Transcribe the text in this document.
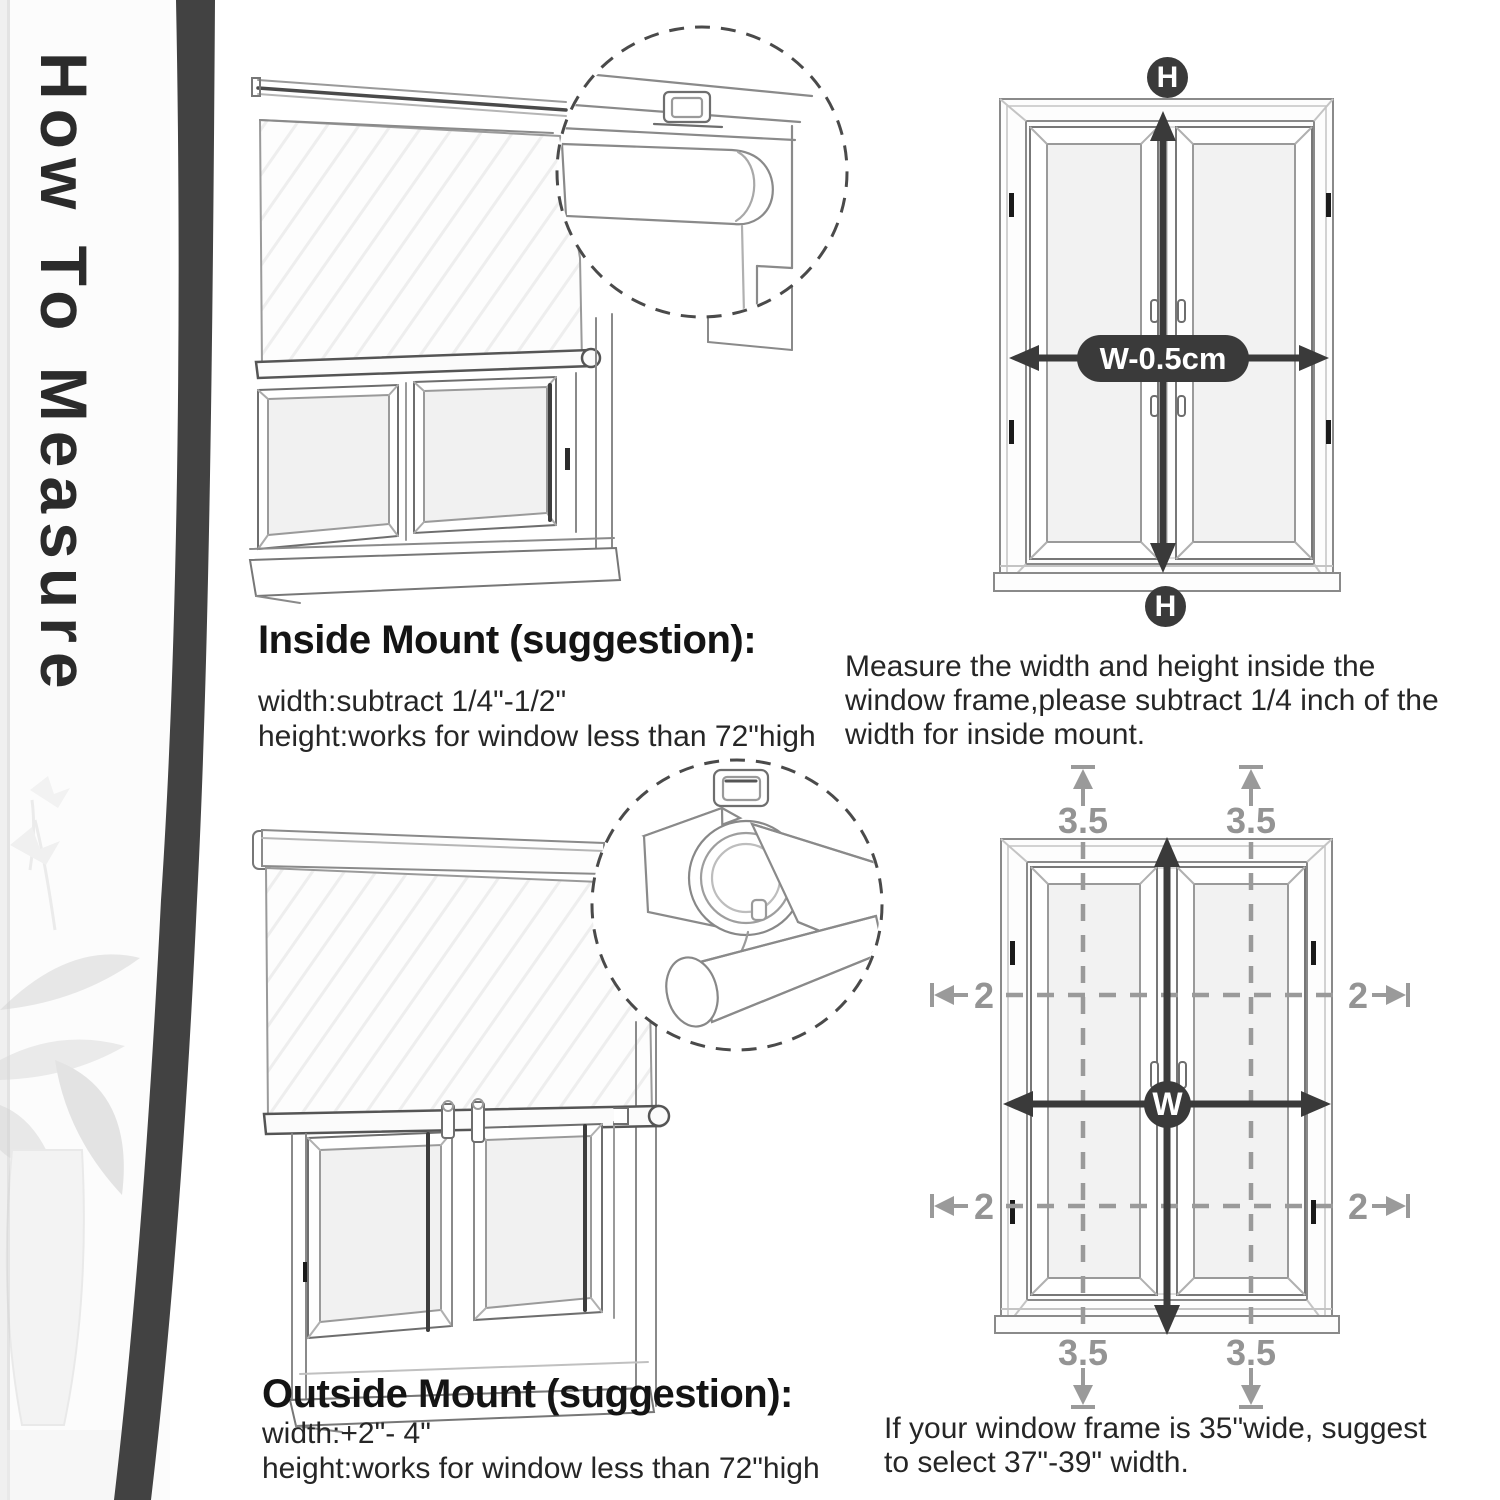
How To Measure	Inside Mount (suggestion):
width:subtract 1/4"-1/2"
height:works for window less than 72"high
Measure the width and height inside the
window frame,please subtract 1/4 inch of the
width for inside mount.
Outside Mount (suggestion):
width:+2"- 4"
height:works for window less than 72"high
If your window frame is 35"wide, suggest
to select 37"-39" width.
H
H
W-0.5cm
W
3.5	3.5
3.5	3.5
2	2
2	2
